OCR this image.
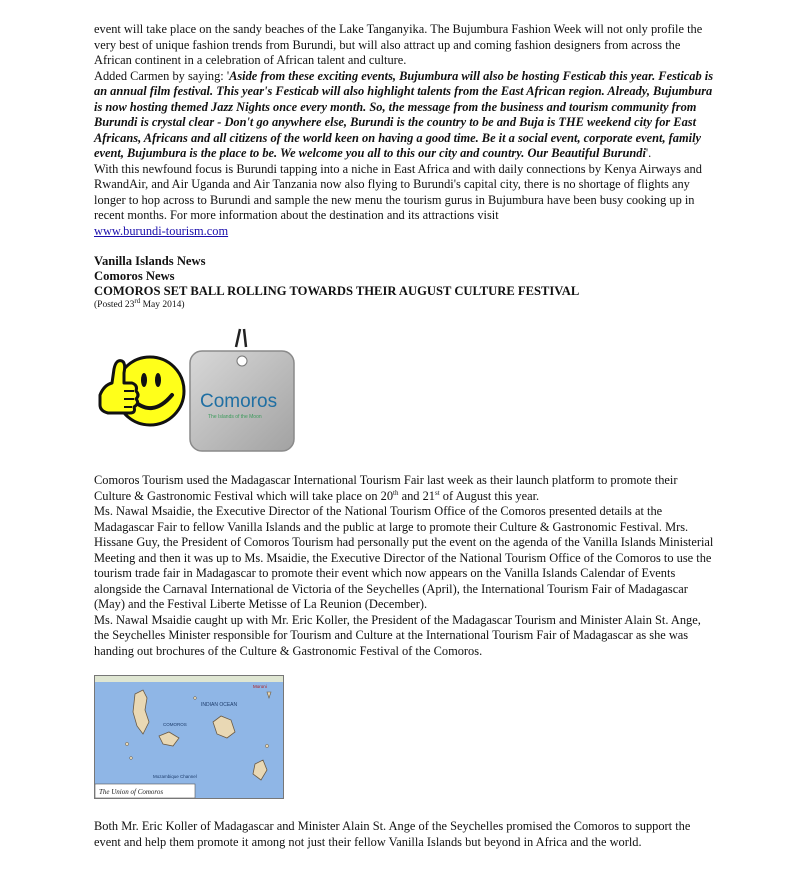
event will take place on the sandy beaches of the Lake Tanganyika. The Bujumbura Fashion Week will not only profile the very best of unique fashion trends from Burundi, but will also attract up and coming fashion designers from across the African continent in a celebration of African talent and culture.

Added Carmen by saying: 'Aside from these exciting events, Bujumbura will also be hosting Festicab this year. Festicab is an annual film festival. This year's Festicab will also highlight talents from the East African region. Already, Bujumbura is now hosting themed Jazz Nights once every month. So, the message from the business and tourism community from Burundi is crystal clear - Don't go anywhere else, Burundi is the country to be and Buja is THE weekend city for East Africans, Africans and all citizens of the world keen on having a good time. Be it a social event, corporate event, family event, Bujumbura is the place to be. We welcome you all to this our city and country. Our Beautiful Burundi'.

With this newfound focus is Burundi tapping into a niche in East Africa and with daily connections by Kenya Airways and RwandAir, and Air Uganda and Air Tanzania now also flying to Burundi's capital city, there is no shortage of flights any longer to hop across to Burundi and sample the new menu the tourism gurus in Bujumbura have been busy cooking up in recent months. For more information about the destination and its attractions visit
www.burundi-tourism.com

Vanilla Islands News

Comoros News

COMOROS SET BALL ROLLING TOWARDS THEIR AUGUST CULTURE FESTIVAL

(Posted 23rd May 2014)

Comoros
The Islands of the Moon

Comoros Tourism used the Madagascar International Tourism Fair last week as their launch platform to promote their Culture & Gastronomic Festival which will take place on 20th and 21st of August this year.

Ms. Nawal Msaidie, the Executive Director of the National Tourism Office of the Comoros presented details at the Madagascar Fair to fellow Vanilla Islands and the public at large to promote their Culture & Gastronomic Festival. Mrs. Hissane Guy, the President of Comoros Tourism had personally put the event on the agenda of the Vanilla Islands Ministerial Meeting and then it was up to Ms. Msaidie, the Executive Director of the National Tourism Office of the Comoros to use the tourism trade fair in Madagascar to promote their event which now appears on the Vanilla Islands Calendar of Events alongside the Carnaval International de Victoria of the Seychelles (April), the International Tourism Fair of Madagascar (May) and the Festival Liberte Metisse of La Reunion (December).

Ms. Nawal Msaidie caught up with Mr. Eric Koller, the President of the Madagascar Tourism and Minister Alain St. Ange, the Seychelles Minister responsible for Tourism and Culture at the International Tourism Fair of Madagascar as she was handing out brochures of the Culture & Gastronomic Festival of the Comoros.

INDIAN OCEAN
COMOROS
Mozambique Channel
Moroni
The Union of Comoros

Both Mr. Eric Koller of Madagascar and Minister Alain St. Ange of the Seychelles promised the Comoros to support the event and help them promote it among not just their fellow Vanilla Islands but beyond in Africa and the world.
